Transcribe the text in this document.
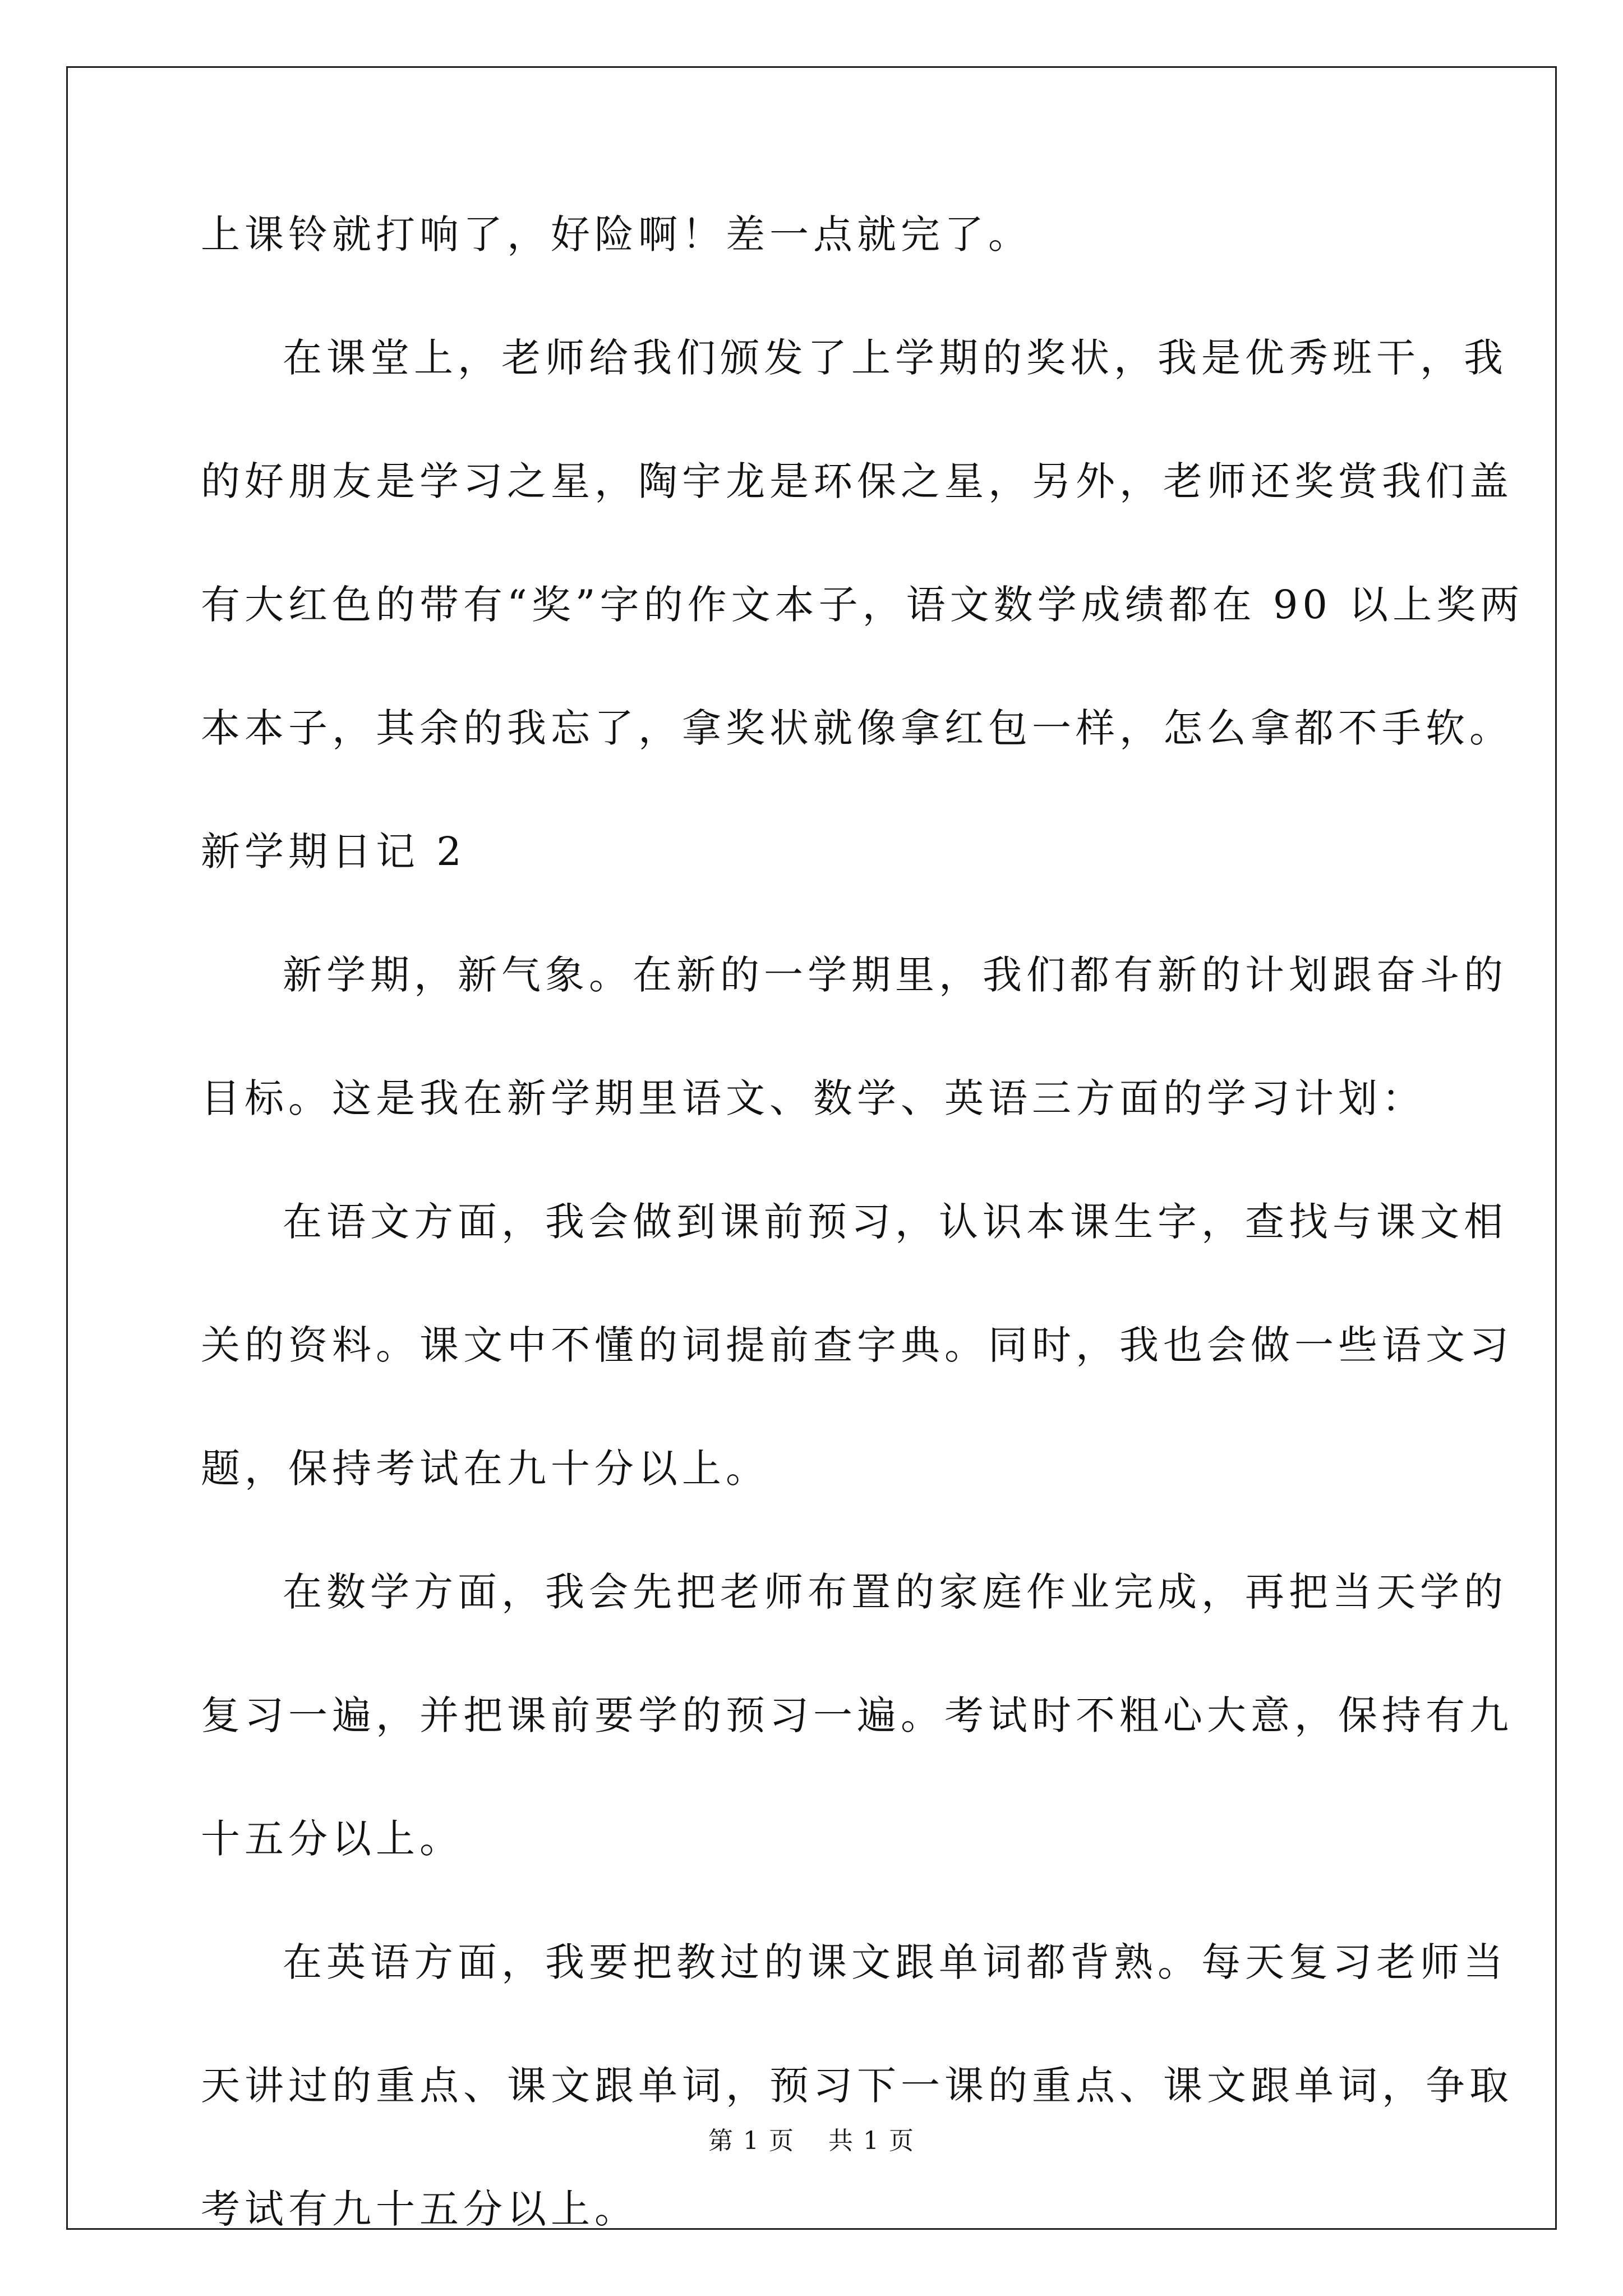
上课铃就打响了，好险啊！差一点就完了。
在课堂上，老师给我们颁发了上学期的奖状，我是优秀班干，我
的好朋友是学习之星，陶宇龙是环保之星，另外，老师还奖赏我们盖
有大红色的带有“奖”字的作文本子，语文数学成绩都在 90 以上奖两
本本子，其余的我忘了，拿奖状就像拿红包一样，怎么拿都不手软。
新学期日记 2
新学期，新气象。在新的一学期里，我们都有新的计划跟奋斗的
目标。这是我在新学期里语文、数学、英语三方面的学习计划：
在语文方面，我会做到课前预习，认识本课生字，查找与课文相
关的资料。课文中不懂的词提前查字典。同时，我也会做一些语文习
题，保持考试在九十分以上。
在数学方面，我会先把老师布置的家庭作业完成，再把当天学的
复习一遍，并把课前要学的预习一遍。考试时不粗心大意，保持有九
十五分以上。
在英语方面，我要把教过的课文跟单词都背熟。每天复习老师当
天讲过的重点、课文跟单词，预习下一课的重点、课文跟单词，争取
考试有九十五分以上。
第 1 页 共 1 页
